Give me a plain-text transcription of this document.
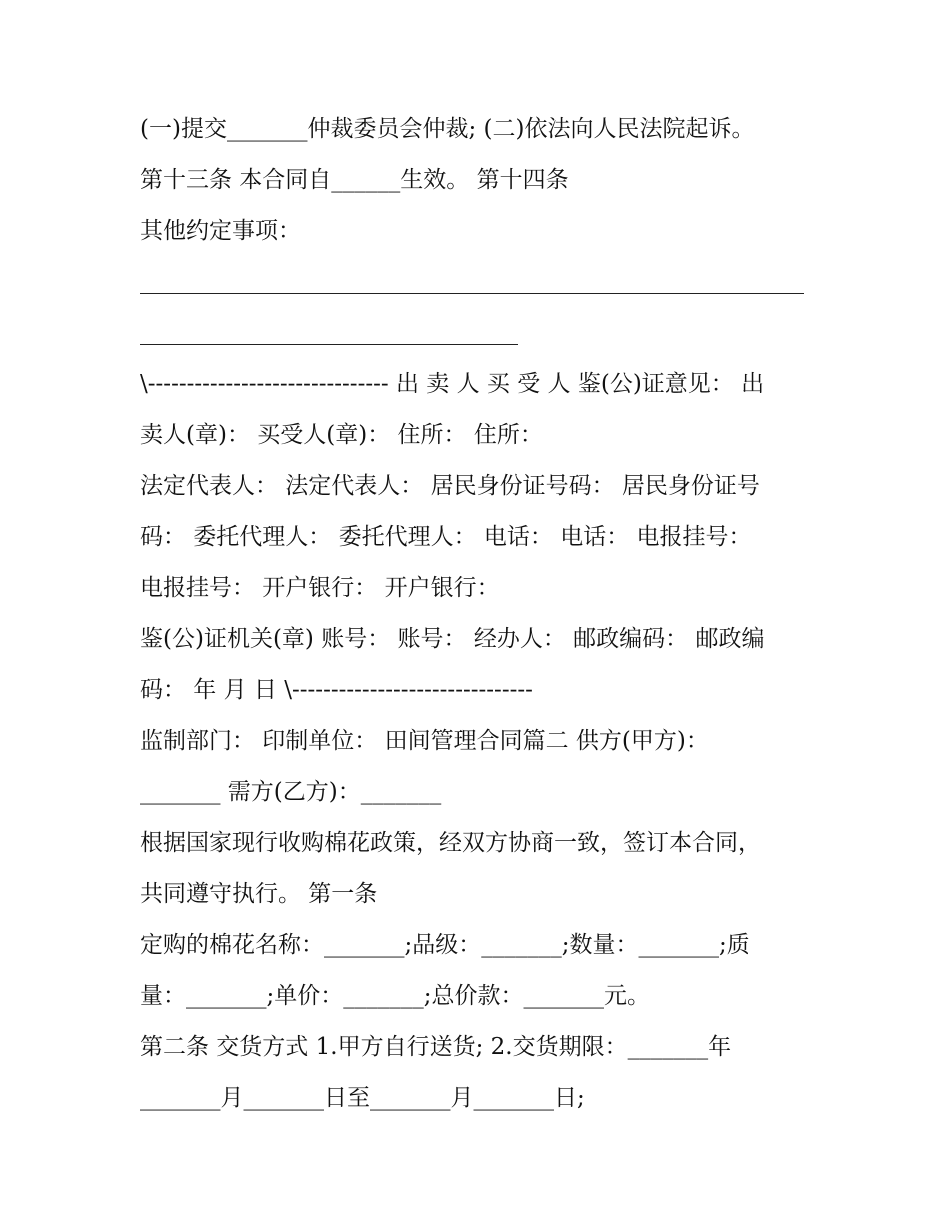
(一)提交_______仲裁委员会仲裁; (二)依法向人民法院起诉。
第十三条 本合同自______生效。 第十四条
其他约定事项：
\------------------------------- 出 卖 人 买 受 人 鉴(公)证意见： 出
卖人(章)： 买受人(章)： 住所： 住所：
法定代表人： 法定代表人： 居民身份证号码： 居民身份证号
码： 委托代理人： 委托代理人： 电话： 电话： 电报挂号：
电报挂号： 开户银行： 开户银行：
鉴(公)证机关(章) 账号： 账号： 经办人： 邮政编码： 邮政编
码： 年 月 日 \-------------------------------
监制部门： 印制单位： 田间管理合同篇二 供方(甲方)：
_______ 需方(乙方)：_______
根据国家现行收购棉花政策，经双方协商一致，签订本合同，
共同遵守执行。 第一条
定购的棉花名称：_______;品级：_______;数量：_______;质
量：_______;单价：_______;总价款：_______元。
第二条 交货方式 1.甲方自行送货; 2.交货期限：_______年
_______月_______日至_______月_______日;
